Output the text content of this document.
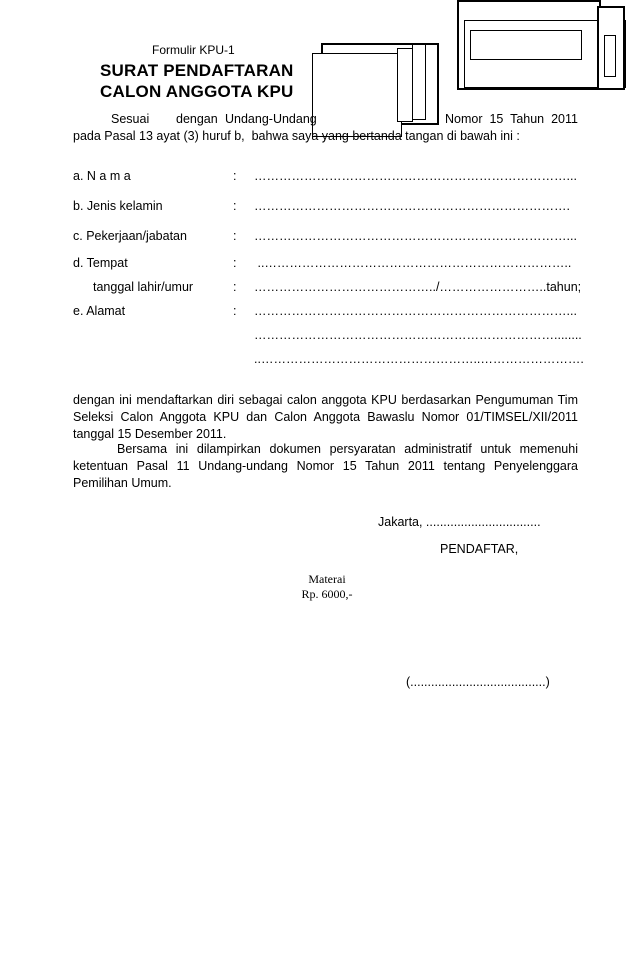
Formulir KPU-1
SURAT PENDAFTARAN
CALON ANGGOTA KPU
Sesuai dengan Undang-Undang	Nomor  15  Tahun  2011
pada Pasal 13 ayat (3) huruf b,  bahwa saya yang bertanda tangan di bawah ini :
a. N a m a	: …………………………………………………………………...
b. Jenis kelamin	: ………………………………………………………………….
c. Pekerjaan/jabatan	: …………………………………………………………………...
d. Tempat	: ..………………………………………………………………..
tanggal lahir/umur	: ……………………………………../……………………..tahun;
e. Alamat	: …………………………………………………………………...
………………………………………………………………........
..……………………………………………..…………………….
dengan ini mendaftarkan diri sebagai calon anggota KPU berdasarkan Pengumuman Tim Seleksi Calon Anggota KPU dan Calon Anggota Bawaslu Nomor 01/TIMSEL/XII/2011 tanggal 15 Desember 2011.
Bersama ini dilampirkan dokumen persyaratan administratif untuk memenuhi ketentuan Pasal 11 Undang-undang Nomor 15 Tahun 2011 tentang Penyelenggara Pemilihan Umum.
Jakarta, .................................
PENDAFTAR,
Materai
Rp. 6000,-
(.......................................)
